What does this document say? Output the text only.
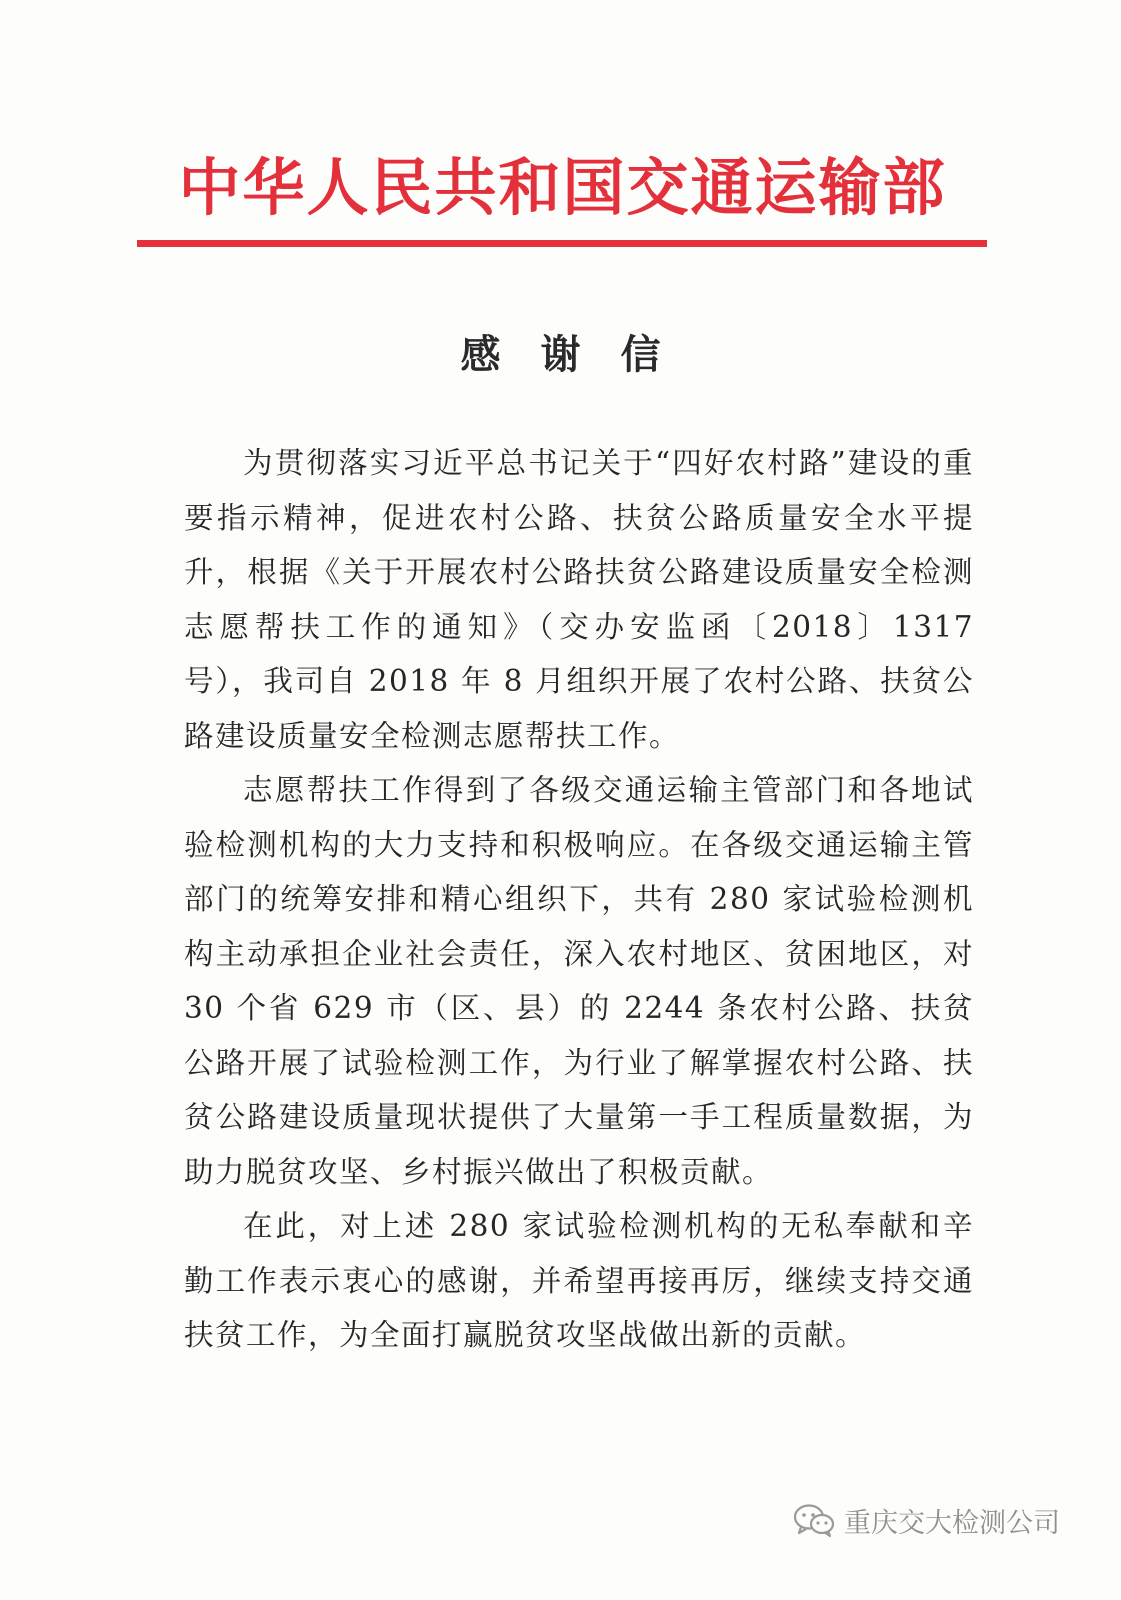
中华人民共和国交通运输部
感谢信

为贯彻落实习近平总书记关于“四好农村路”建设的重要指示精神，促进农村公路、扶贫公路质量安全水平提升，根据《关于开展农村公路扶贫公路建设质量安全检测志愿帮扶工作的通知》（交办安监函〔2018〕1317 号），我司自 2018 年 8 月组织开展了农村公路、扶贫公路建设质量安全检测志愿帮扶工作。

志愿帮扶工作得到了各级交通运输主管部门和各地试验检测机构的大力支持和积极响应。在各级交通运输主管部门的统筹安排和精心组织下，共有 280 家试验检测机构主动承担企业社会责任，深入农村地区、贫困地区，对 30 个省 629 市（区、县）的 2244 条农村公路、扶贫公路开展了试验检测工作，为行业了解掌握农村公路、扶贫公路建设质量现状提供了大量第一手工程质量数据，为助力脱贫攻坚、乡村振兴做出了积极贡献。

在此，对上述 280 家试验检测机构的无私奉献和辛勤工作表示衷心的感谢，并希望再接再厉，继续支持交通扶贫工作，为全面打赢脱贫攻坚战做出新的贡献。

重庆交大检测公司
